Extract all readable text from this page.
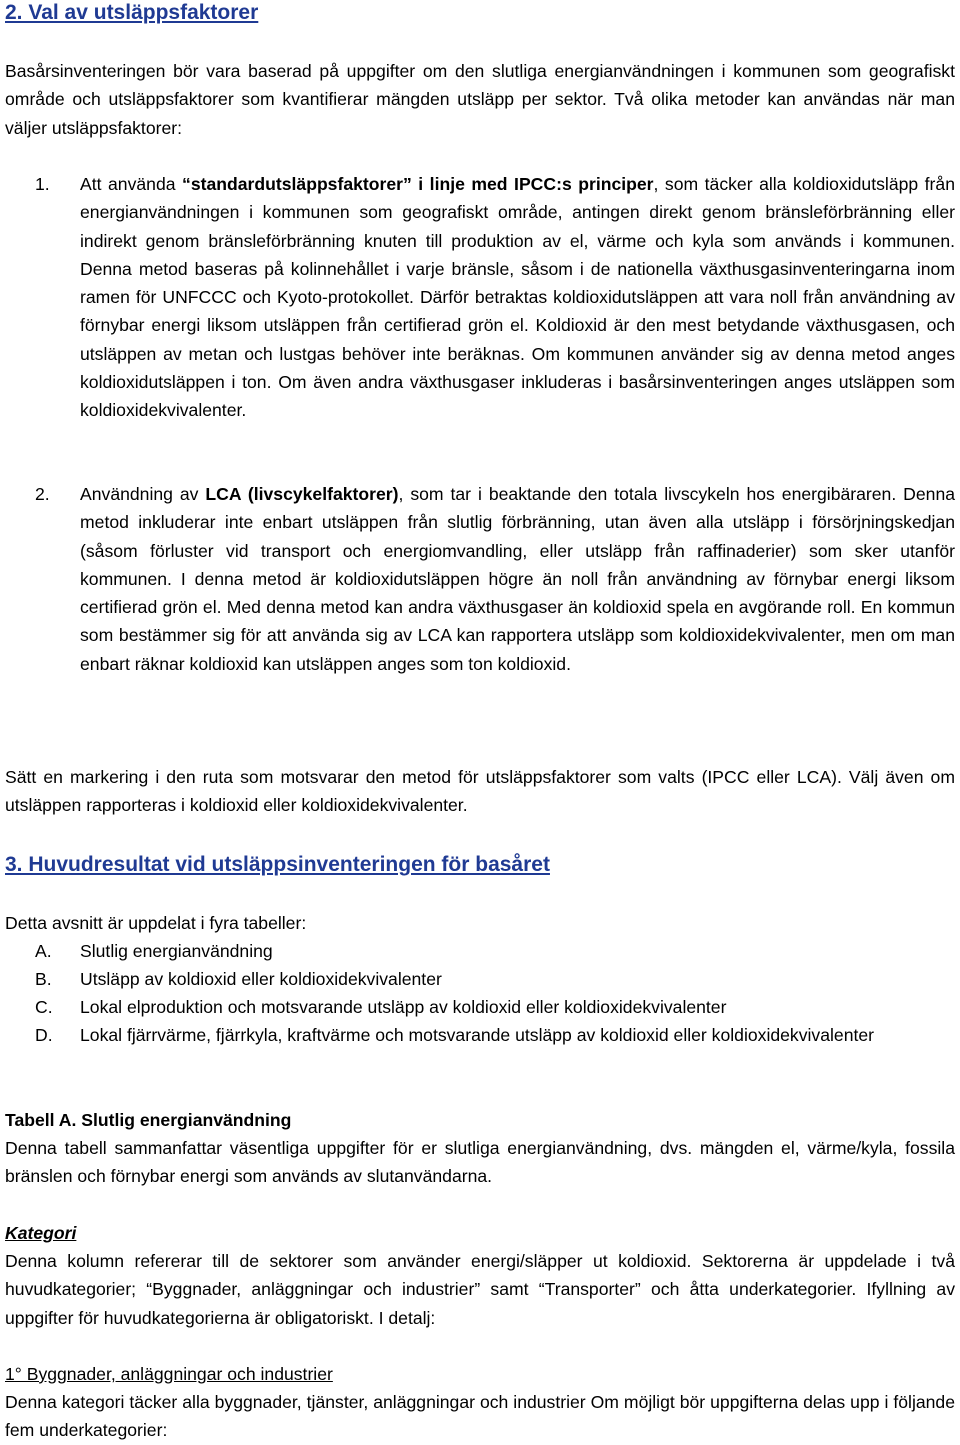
2. Val av utsläppsfaktorer
Basårsinventeringen bör vara baserad på uppgifter om den slutliga energianvändningen i kommunen som geografiskt område och utsläppsfaktorer som kvantifierar mängden utsläpp per sektor. Två olika metoder kan användas när man väljer utsläppsfaktorer:
1.	Att använda “standardutsläppsfaktorer” i linje med IPCC:s principer, som täcker alla koldioxidutsläpp från energianvändningen i kommunen som geografiskt område, antingen direkt genom bränsleförbränning eller indirekt genom bränsleförbränning knuten till produktion av el, värme och kyla som används i kommunen. Denna metod baseras på kolinnehållet i varje bränsle, såsom i de nationella växthusgasinventeringarna inom ramen för UNFCCC och Kyoto-protokollet. Därför betraktas koldioxidutsläppen att vara noll från användning av förnybar energi liksom utsläppen från certifierad grön el. Koldioxid är den mest betydande växthusgasen, och utsläppen av metan och lustgas behöver inte beräknas. Om kommunen använder sig av denna metod anges koldioxidutsläppen i ton. Om även andra växthusgaser inkluderas i basårsinventeringen anges utsläppen som koldioxidekvivalenter.
2.	Användning av LCA (livscykelfaktorer), som tar i beaktande den totala livscykeln hos energibäraren. Denna metod inkluderar inte enbart utsläppen från slutlig förbränning, utan även alla utsläpp i försörjningskedjan (såsom förluster vid transport och energiomvandling, eller utsläpp från raffinaderier) som sker utanför kommunen. I denna metod är koldioxidutsläppen högre än noll från användning av förnybar energi liksom certifierad grön el. Med denna metod kan andra växthusgaser än koldioxid spela en avgörande roll. En kommun som bestämmer sig för att använda sig av LCA kan rapportera utsläpp som koldioxidekvivalenter, men om man enbart räknar koldioxid kan utsläppen anges som ton koldioxid.
Sätt en markering i den ruta som motsvarar den metod för utsläppsfaktorer som valts (IPCC eller LCA). Välj även om utsläppen rapporteras i koldioxid eller koldioxidekvivalenter.
3. Huvudresultat vid utsläppsinventeringen för basåret
Detta avsnitt är uppdelat i fyra tabeller:
A.	Slutlig energianvändning
B.	Utsläpp av koldioxid eller koldioxidekvivalenter
C.	Lokal elproduktion och motsvarande utsläpp av koldioxid eller koldioxidekvivalenter
D.	Lokal fjärrvärme, fjärrkyla, kraftvärme och motsvarande utsläpp av koldioxid eller koldioxidekvivalenter
Tabell A. Slutlig energianvändning
Denna tabell sammanfattar väsentliga uppgifter för er slutliga energianvändning, dvs. mängden el, värme/kyla, fossila bränslen och förnybar energi som används av slutanvändarna.
Kategori
Denna kolumn refererar till de sektorer som använder energi/släpper ut koldioxid. Sektorerna är uppdelade i två huvudkategorier; “Byggnader, anläggningar och industrier” samt “Transporter” och åtta underkategorier. Ifyllning av uppgifter för huvudkategorierna är obligatoriskt. I detalj:
1° Byggnader, anläggningar och industrier
Denna kategori täcker alla byggnader, tjänster, anläggningar och industrier Om möjligt bör uppgifterna delas upp i följande fem underkategorier:
